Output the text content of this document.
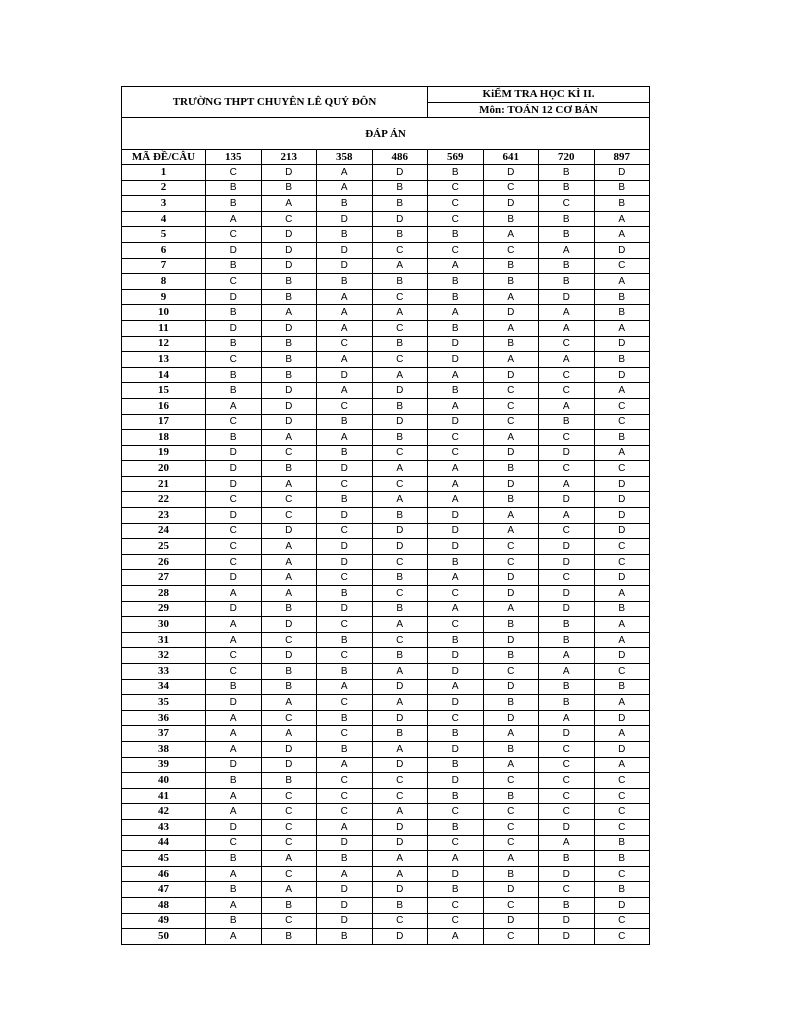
TRƯỜNG THPT CHUYÊN LÊ QUÝ ĐÔN	KiỂM TRA HỌC KÌ II.
Môn: TOÁN 12 CƠ BẢN
ĐÁP ÁN								
MÃ ĐỀ/CÂU	135	213	358	486	569	641	720	897
1	C	D	A	D	B	D	B	D
2	B	B	A	B	C	C	B	B
3	B	A	B	B	C	D	C	B
4	A	C	D	D	C	B	B	A
5	C	D	B	B	B	A	B	A
6	D	D	D	C	C	C	A	D
7	B	D	D	A	A	B	B	C
8	C	B	B	B	B	B	B	A
9	D	B	A	C	B	A	D	B
10	B	A	A	A	A	D	A	B
11	D	D	A	C	B	A	A	A
12	B	B	C	B	D	B	C	D
13	C	B	A	C	D	A	A	B
14	B	B	D	A	A	D	C	D
15	B	D	A	D	B	C	C	A
16	A	D	C	B	A	C	A	C
17	C	D	B	D	D	C	B	C
18	B	A	A	B	C	A	C	B
19	D	C	B	C	C	D	D	A
20	D	B	D	A	A	B	C	C
21	D	A	C	C	A	D	A	D
22	C	C	B	A	A	B	D	D
23	D	C	D	B	D	A	A	D
24	C	D	C	D	D	A	C	D
25	C	A	D	D	D	C	D	C
26	C	A	D	C	B	C	D	C
27	D	A	C	B	A	D	C	D
28	A	A	B	C	C	D	D	A
29	D	B	D	B	A	A	D	B
30	A	D	C	A	C	B	B	A
31	A	C	B	C	B	D	B	A
32	C	D	C	B	D	B	A	D
33	C	B	B	A	D	C	A	C
34	B	B	A	D	A	D	B	B
35	D	A	C	A	D	B	B	A
36	A	C	B	D	C	D	A	D
37	A	A	C	B	B	A	D	A
38	A	D	B	A	D	B	C	D
39	D	D	A	D	B	A	C	A
40	B	B	C	C	D	C	C	C
41	A	C	C	C	B	B	C	C
42	A	C	C	A	C	C	C	C
43	D	C	A	D	B	C	D	C
44	C	C	D	D	C	C	A	B
45	B	A	B	A	A	A	B	B
46	A	C	A	A	D	B	D	C
47	B	A	D	D	B	D	C	B
48	A	B	D	B	C	C	B	D
49	B	C	D	C	C	D	D	C
50	A	B	B	D	A	C	D	C
